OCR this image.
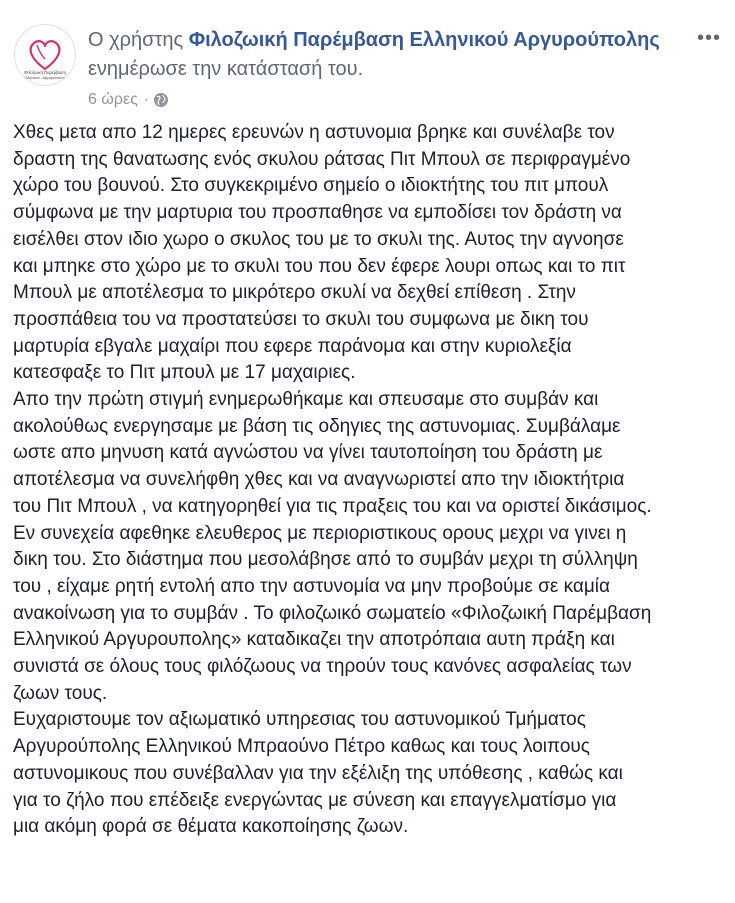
Φιλοζωική Παρέμβαση
Ελληνικού - Αργυρούπολης
Ο χρήστης Φιλοζωική Παρέμβαση Ελληνικού Αργυρούπολης ενημέρωσε την κατάστασή του.
6 ώρες ·
•••

Χθες μετα απο 12 ημερες ερευνών η αστυνομια βρηκε και συνέλαβε τον
δραστη της θανατωσης ενός σκυλου ράτσας Πιτ Μπουλ σε περιφραγμένο
χώρο του βουνού. Στο συγκεκριμένο σημείο ο ιδιοκτήτης του πιτ μπουλ
σύμφωνα με την μαρτυρια του προσπαθησε να εμποδίσει τον δράστη να
εισέλθει στον ιδιο χωρο ο σκυλος του με το σκυλι της. Αυτος την αγνοησε
και μπηκε στο χώρο με το σκυλι του που δεν έφερε λουρι οπως και το πιτ
Μπουλ με αποτέλεσμα το μικρότερο σκυλί να δεχθεί επίθεση . Στην
προσπάθεια του να προστατεύσει το σκυλι του συμφωνα με δικη του
μαρτυρία εβγαλε μαχαίρι που εφερε παράνομα και στην κυριολεξία
κατεσφαξε το Πιτ μπουλ με 17 μαχαιριες.

Απο την πρώτη στιγμή ενημερωθήκαμε και σπευσαμε στο συμβάν και
ακολούθως ενεργησαμε με βάση τις οδηγιες της αστυνομιας. Συμβάλαμε
ωστε απο μηνυση κατά αγνώστου να γίνει ταυτοποίηση του δράστη με
αποτέλεσμα να συνελήφθη χθες και να αναγνωριστεί απο την ιδιοκτήτρια
του Πιτ Μπουλ , να κατηγορηθεί για τις πραξεις του και να οριστεί δικάσιμος.
Εν συνεχεία αφεθηκε ελευθερος με περιοριστικους ορους μεχρι να γινει η
δικη του. Στο διάστημα που μεσολάβησε από το συμβάν μεχρι τη σύλληψη
του , είχαμε ρητή εντολή απο την αστυνομία να μην προβούμε σε καμία
ανακοίνωση για το συμβάν . Το φιλοζωικό σωματείο «Φιλοζωική Παρέμβαση
Ελληνικού Αργυρουπολης» καταδικαζει την αποτρόπαια αυτη πράξη και
συνιστά σε όλους τους φιλόζωους να τηρούν τους κανόνες ασφαλείας των
ζωων τους.

Ευχαριστουμε τον αξιωματικό υπηρεσιας του αστυνομικού Τμήματος
Αργυρούπολης Ελληνικού Μπραούνο Πέτρο καθως και τους λοιπους
αστυνομικους που συνέβαλλαν για την εξέλιξη της υπόθεσης , καθώς και
για το ζήλο που επέδειξε ενεργώντας με σύνεση και επαγγελματίσμο για
μια ακόμη φορά σε θέματα κακοποίησης ζωων.
